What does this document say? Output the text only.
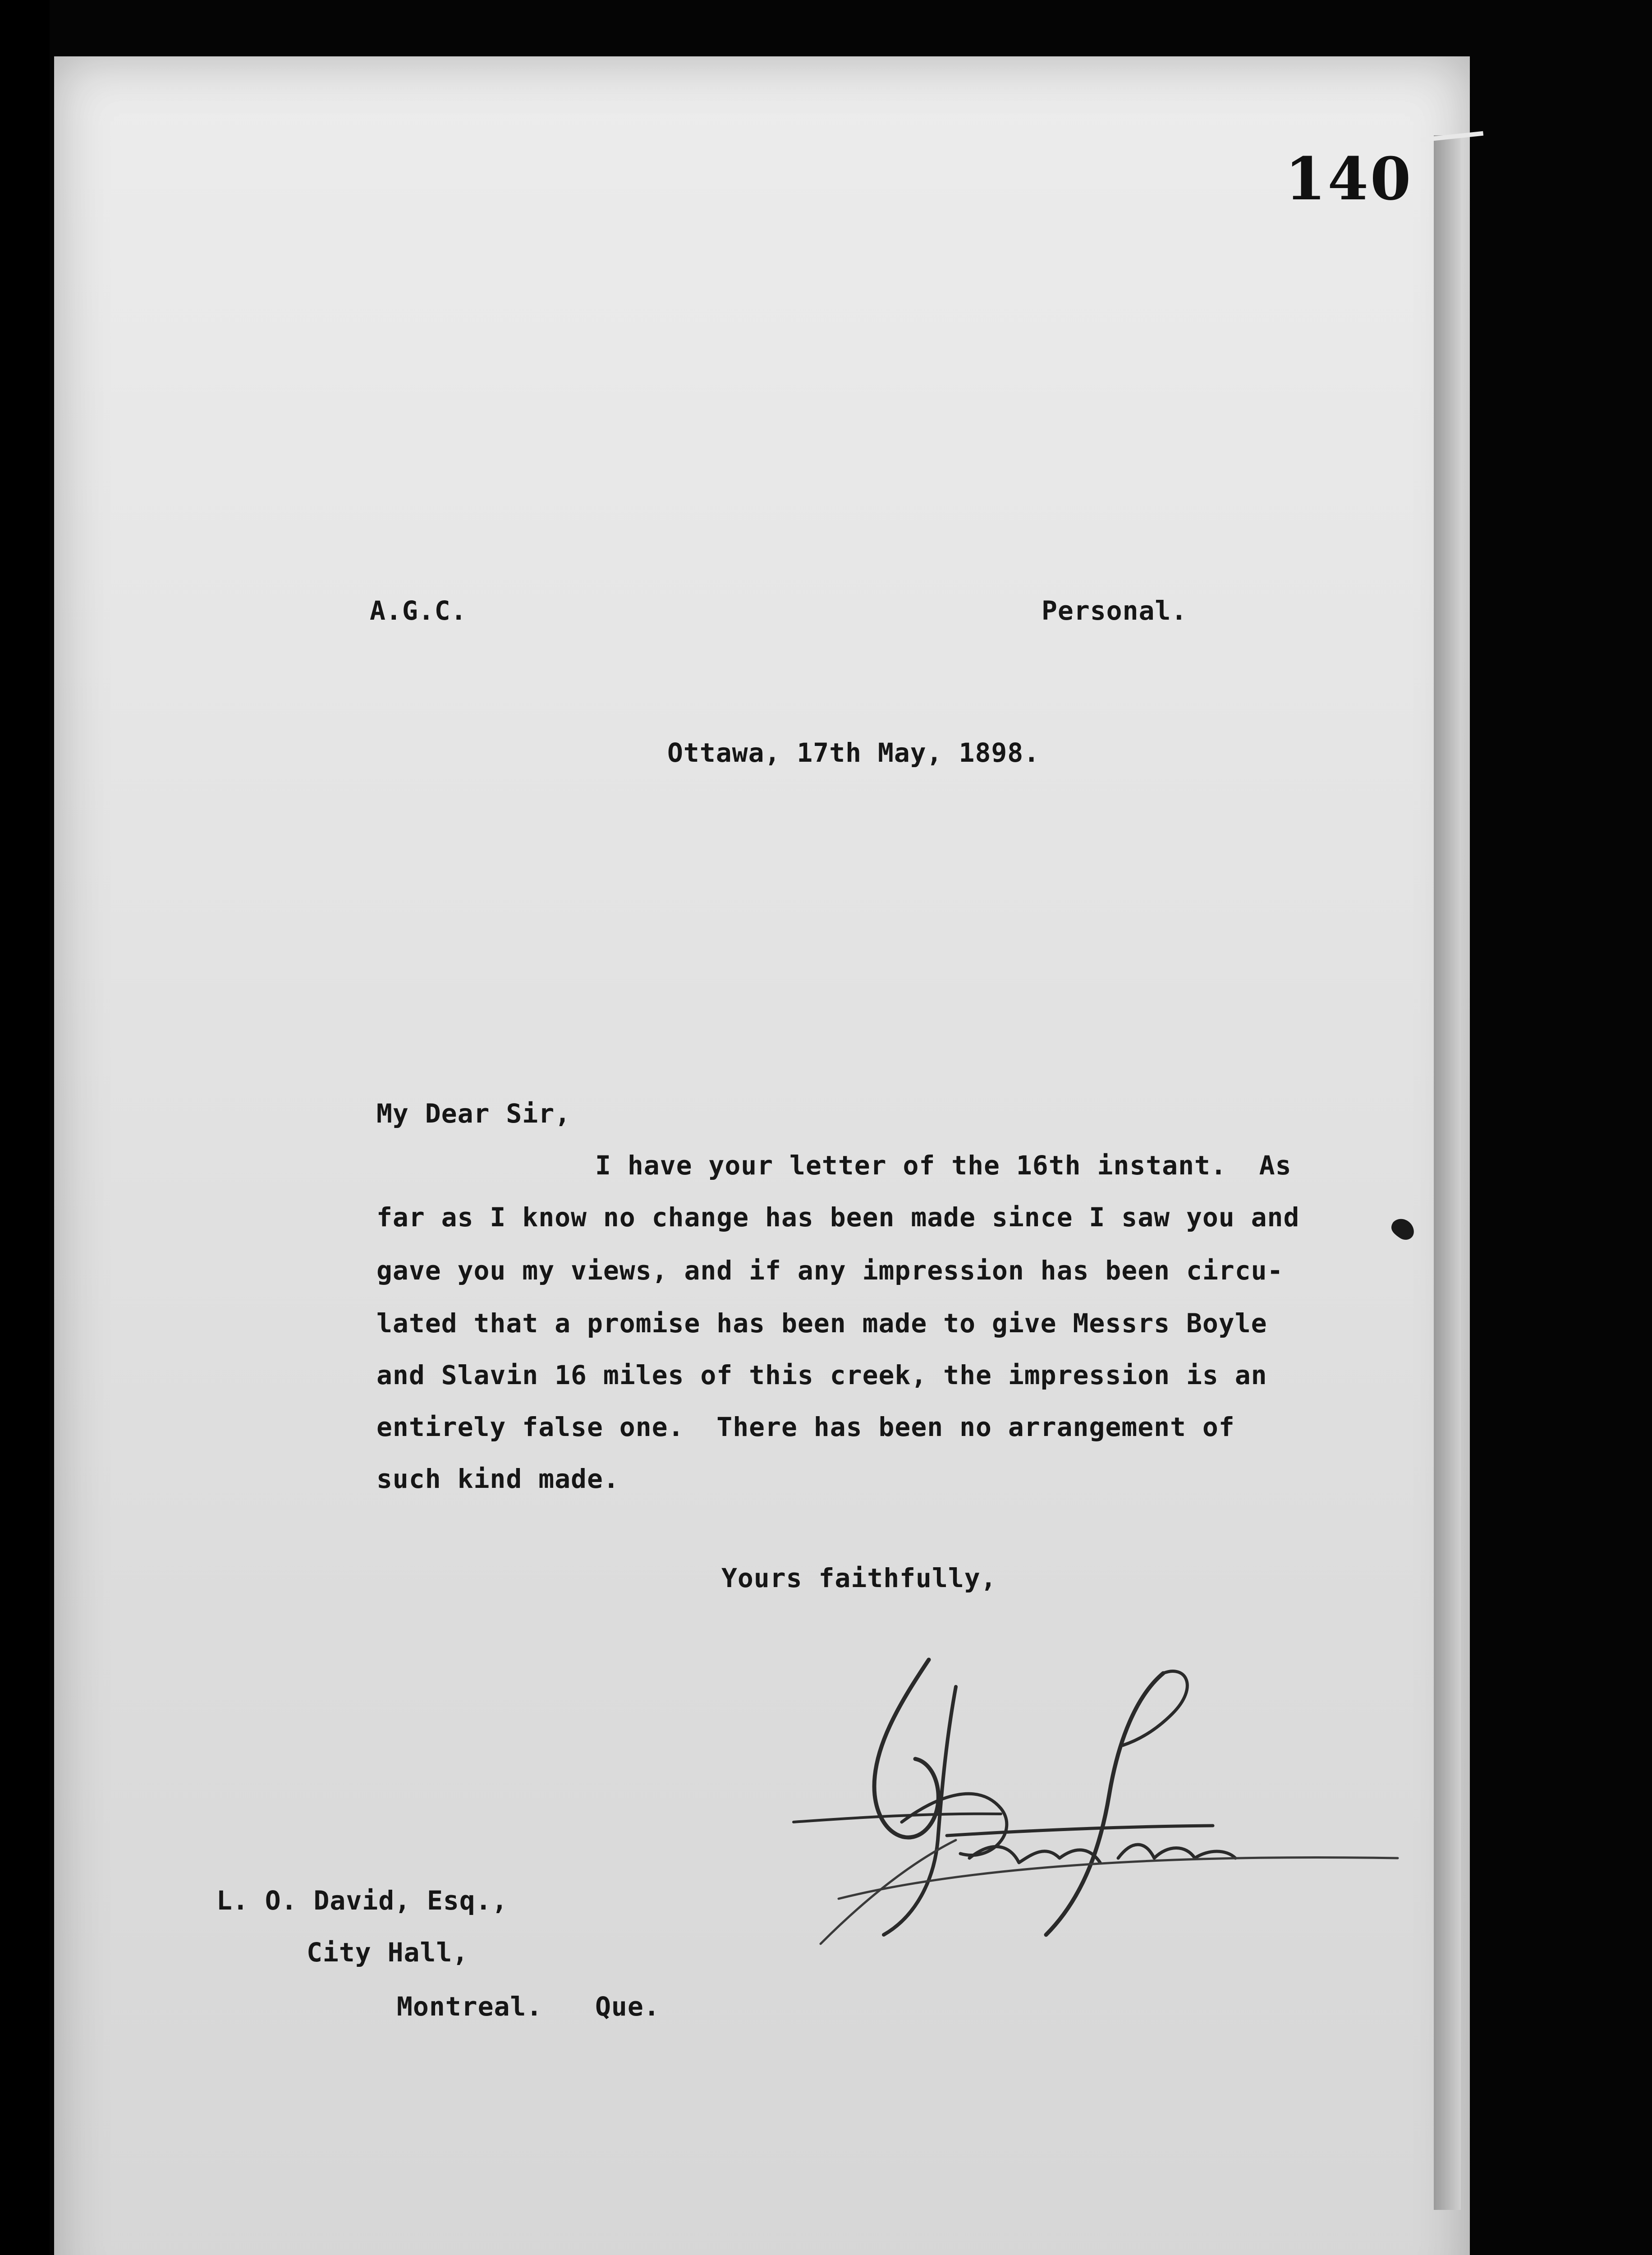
140
A.G.C.	Personal.
Ottawa, 17th May, 1898.
My Dear Sir,
I have your letter of the 16th instant.  As
far as I know no change has been made since I saw you and
gave you my views, and if any impression has been circu-
lated that a promise has been made to give Messrs Boyle
and Slavin 16 miles of this creek, the impression is an
entirely false one.  There has been no arrangement of
such kind made.
Yours faithfully,
L. O. David, Esq.,
City Hall,
Montreal. Que.
